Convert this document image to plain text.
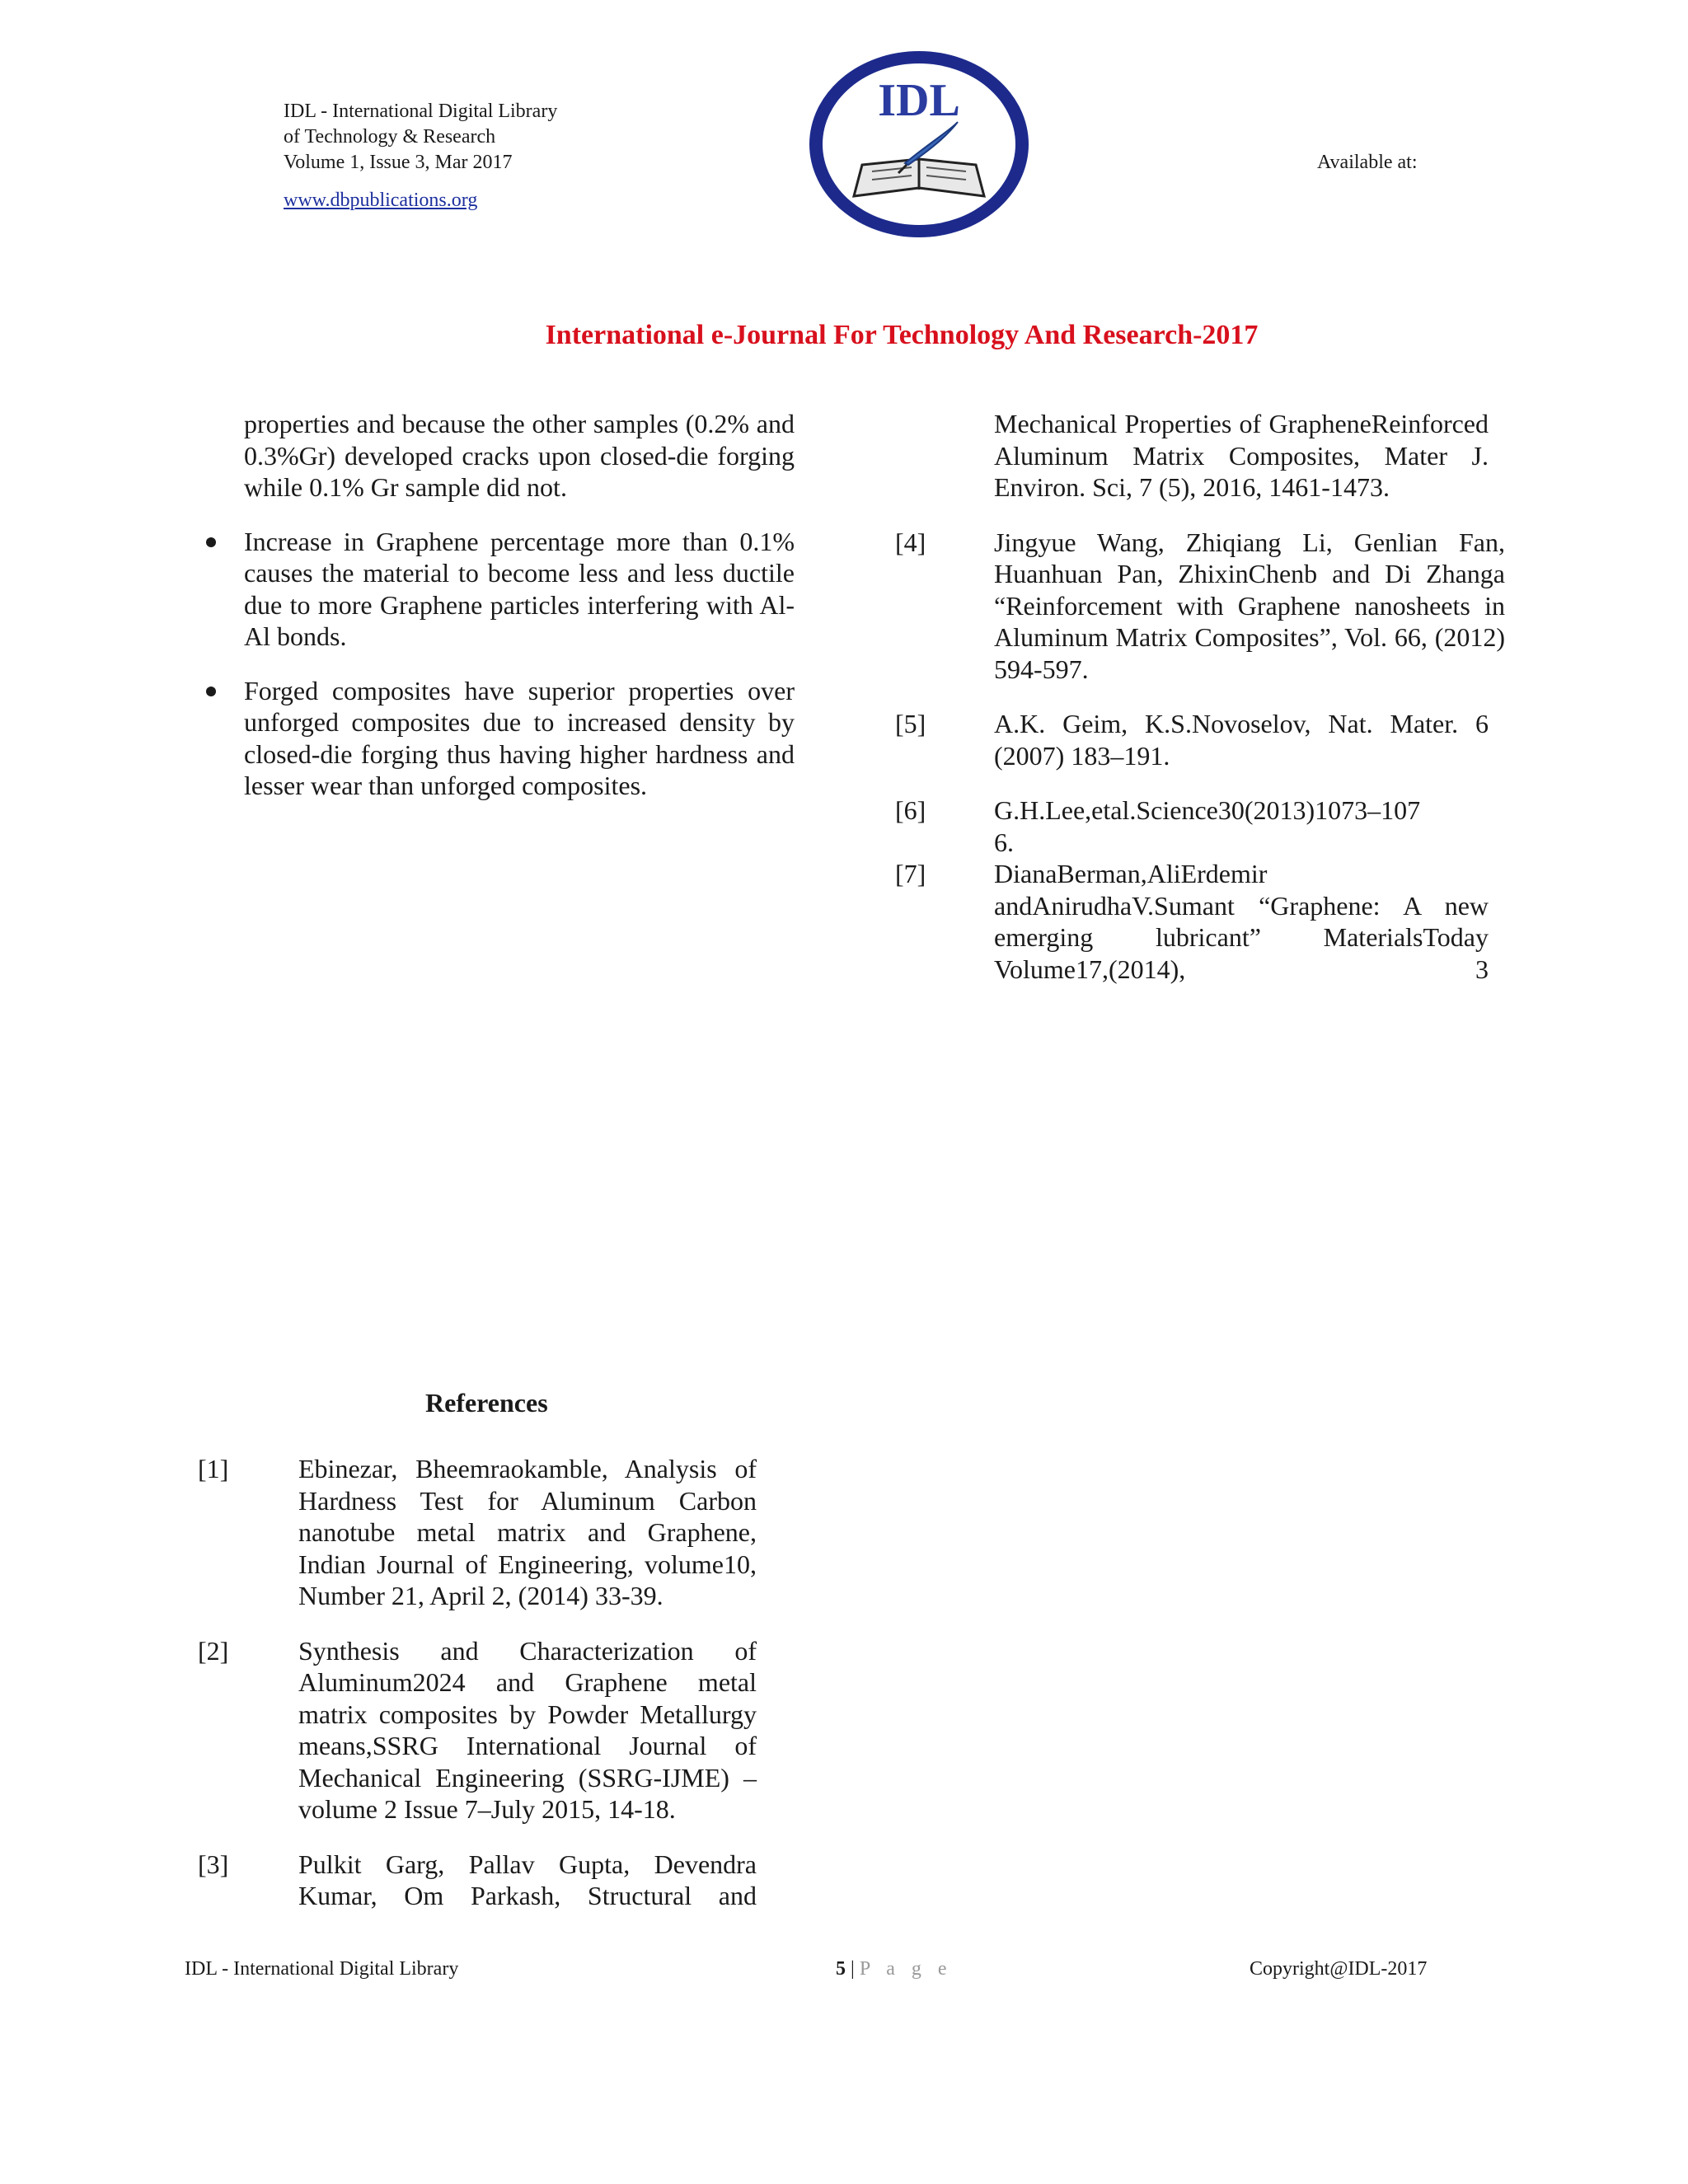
IDL - International Digital Library
of Technology & Research
Volume 1, Issue 3, Mar 2017
www.dbpublications.org
Available at:
IDL
International e-Journal For Technology And Research-2017

properties and because the other samples (0.2% and 0.3%Gr) developed cracks upon closed-die forging while 0.1% Gr sample did not.

Increase in Graphene percentage more than 0.1% causes the material to become less and less ductile due to more Graphene particles interfering with Al-Al bonds.

Forged composites have superior properties over unforged composites due to increased density by closed-die forging thus having higher hardness and lesser wear than unforged composites.

References
[1]	Ebinezar, Bheemraokamble, Analysis of Hardness Test for Aluminum Carbon nanotube metal matrix and Graphene, Indian Journal of Engineering, volume10, Number 21, April 2, (2014) 33-39.

[2]	Synthesis and Characterization of Aluminum2024 and Graphene metal matrix composites by Powder Metallurgy means,SSRG International Journal of Mechanical Engineering (SSRG-IJME) – volume 2 Issue 7–July 2015, 14-18.

[3]	Pulkit Garg, Pallav Gupta, Devendra Kumar, Om Parkash, Structural and

Mechanical Properties of GrapheneReinforced Aluminum Matrix Composites, Mater J. Environ. Sci, 7 (5), 2016, 1461-1473.

[4]	Jingyue Wang, Zhiqiang Li, Genlian Fan, Huanhuan Pan, ZhixinChenb and Di Zhanga “Reinforcement with Graphene nanosheets in Aluminum Matrix Composites”, Vol. 66, (2012) 594-597.

[5]	A.K. Geim, K.S.Novoselov, Nat. Mater. 6 (2007) 183–191.

[6]	G.H.Lee,etal.Science30(2013)1073–1076.

[7]	DianaBerman,AliErdemir andAnirudhaV.Sumant “Graphene: A new emerging lubricant” MaterialsToday Volume17,(2014), 3

IDL - International Digital Library	5 | P a g e	Copyright@IDL-2017
